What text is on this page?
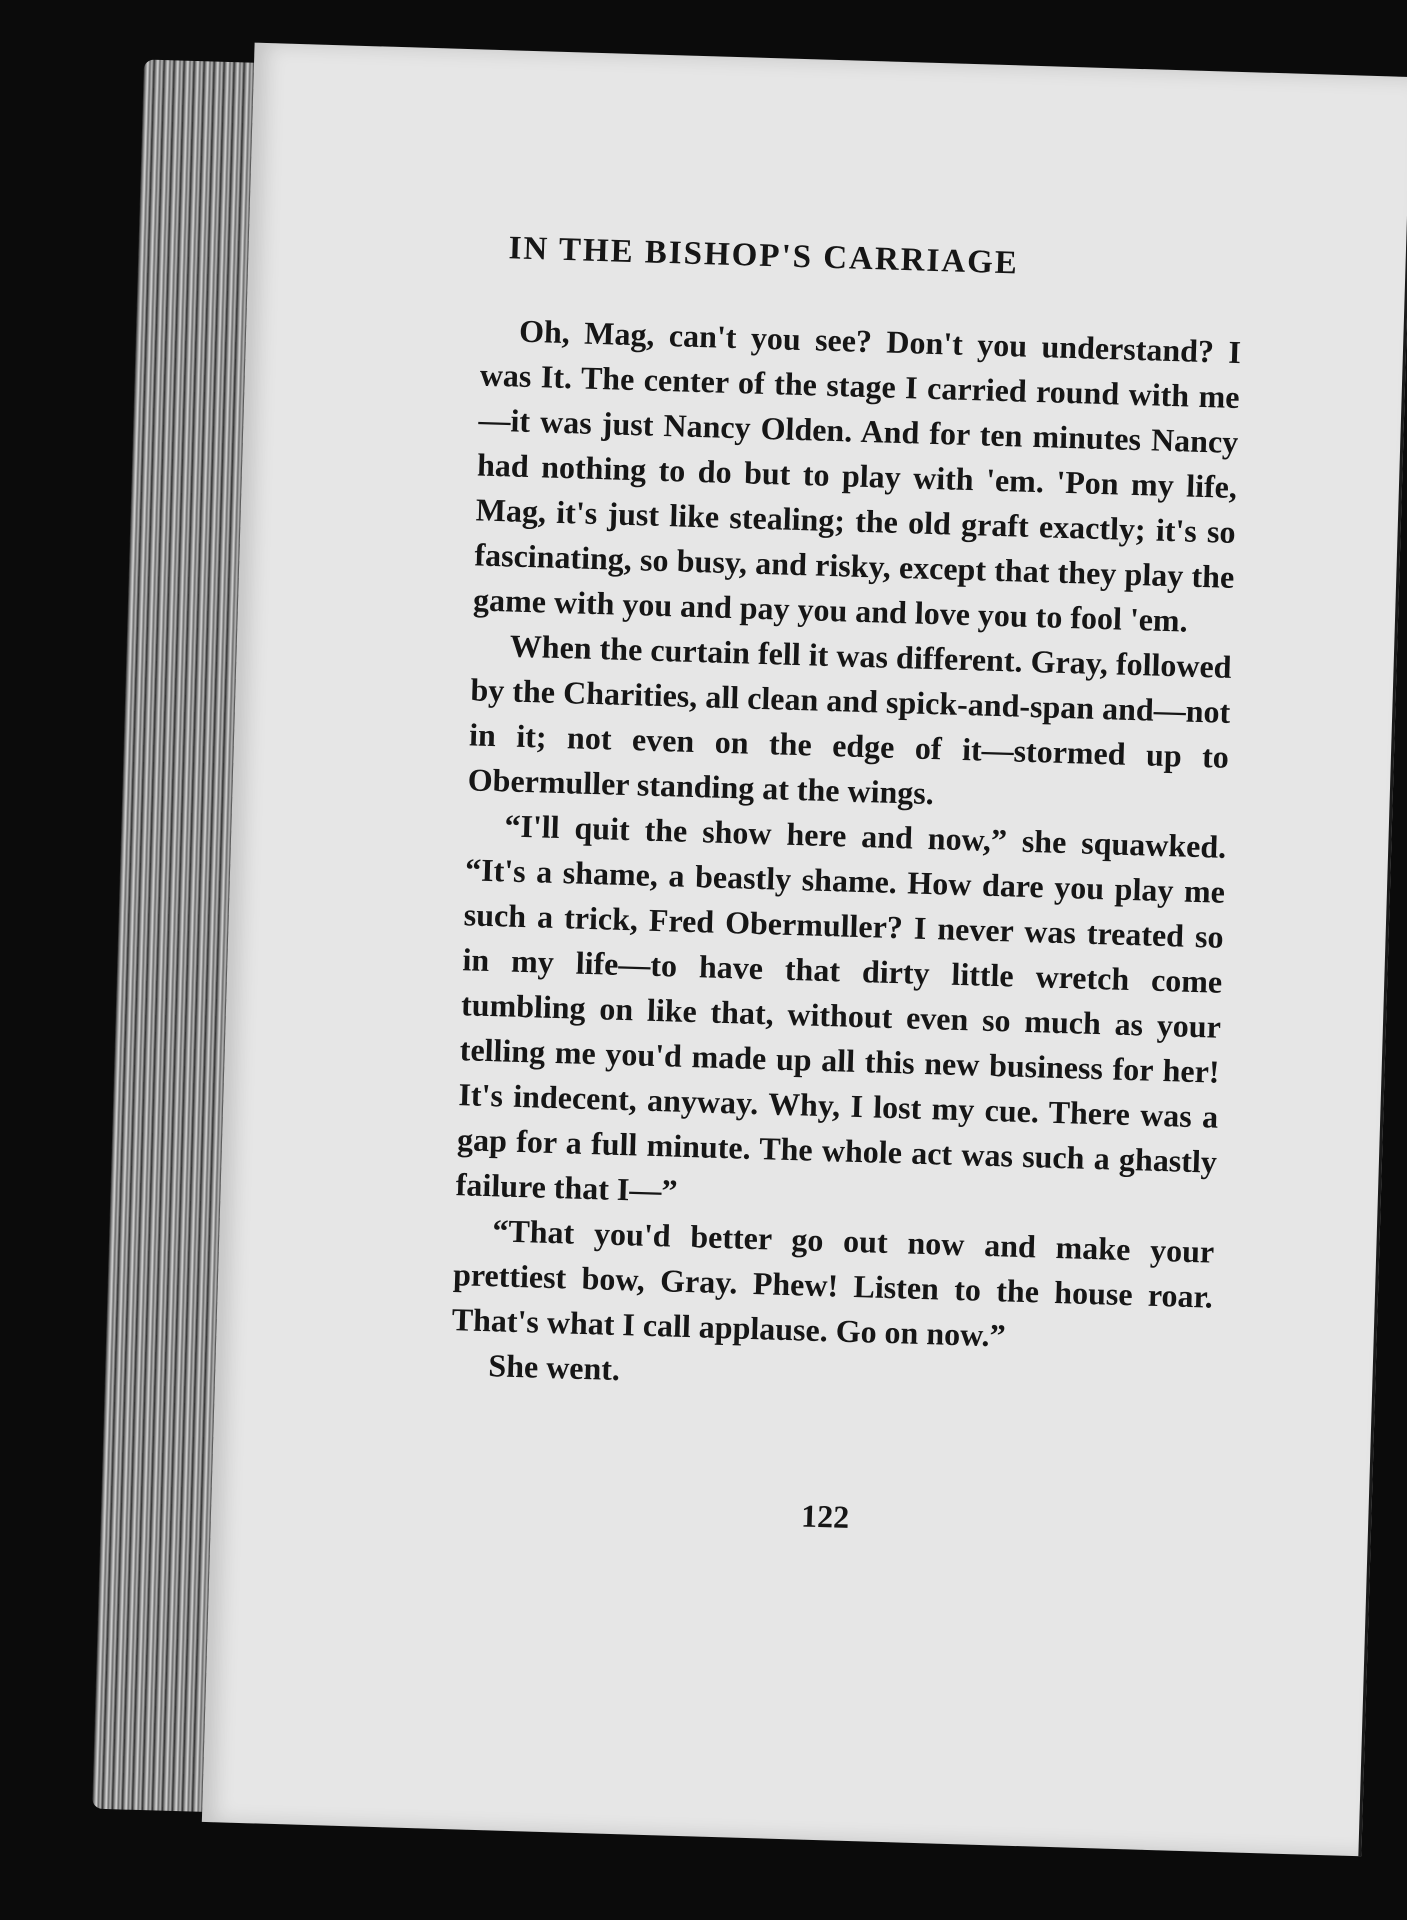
IN THE BISHOP'S CARRIAGE

Oh, Mag, can't you see? Don't you understand? I was It. The center of the stage I carried round with me—it was just Nancy Olden. And for ten minutes Nancy had nothing to do but to play with 'em. 'Pon my life, Mag, it's just like stealing; the old graft exactly; it's so fascinating, so busy, and risky, except that they play the game with you and pay you and love you to fool 'em.

When the curtain fell it was different. Gray, followed by the Charities, all clean and spick-and-span and—not in it; not even on the edge of it—stormed up to Obermuller standing at the wings.

“I'll quit the show here and now,” she squawked. “It's a shame, a beastly shame. How dare you play me such a trick, Fred Obermuller? I never was treated so in my life—to have that dirty little wretch come tumbling on like that, without even so much as your telling me you'd made up all this new business for her! It's indecent, anyway. Why, I lost my cue. There was a gap for a full minute. The whole act was such a ghastly failure that I—”

“That you'd better go out now and make your prettiest bow, Gray. Phew! Listen to the house roar. That's what I call applause. Go on now.”

She went.

122
